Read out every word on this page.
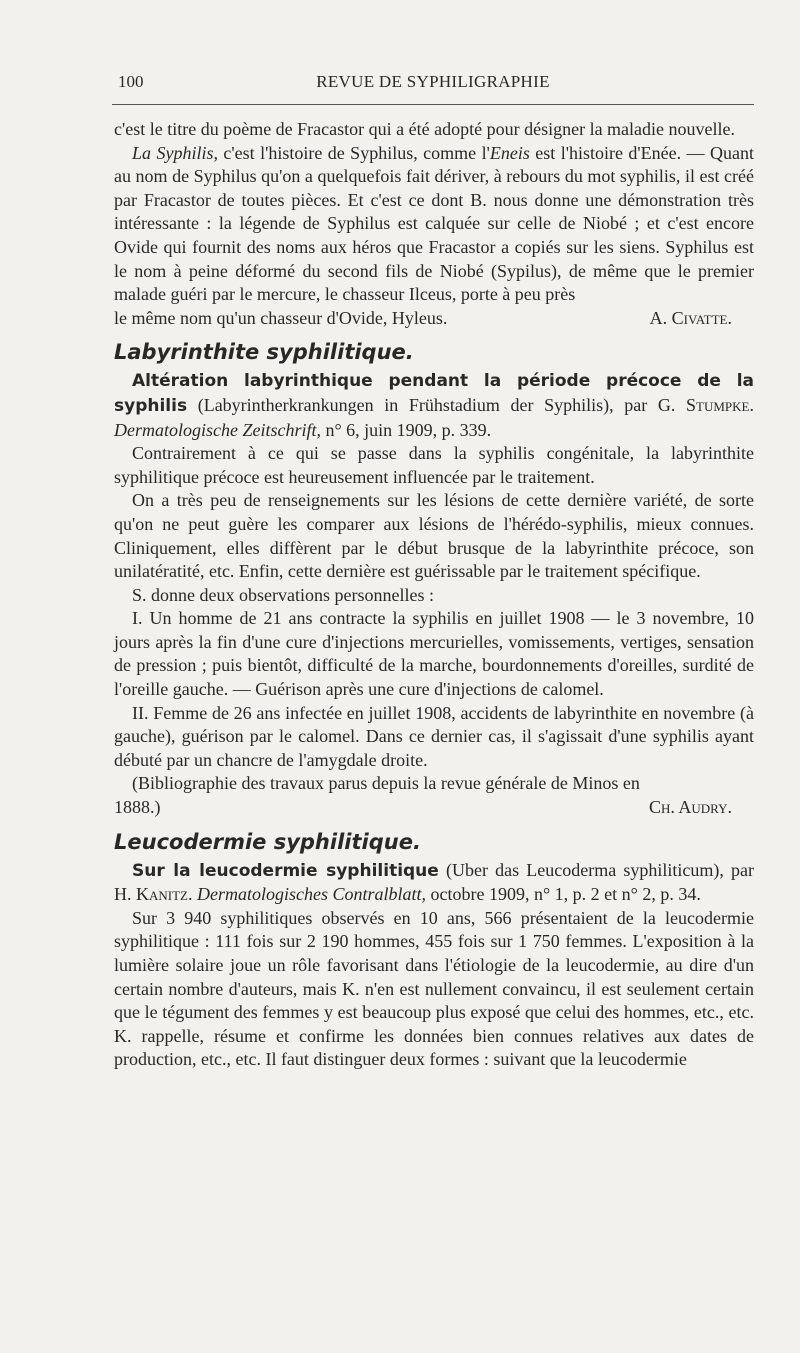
100	REVUE DE SYPHILIGRAPHIE

c'est le titre du poème de Fracastor qui a été adopté pour désigner la maladie nouvelle.

La Syphilis, c'est l'histoire de Syphilus, comme l'Eneis est l'histoire d'Enée. — Quant au nom de Syphilus qu'on a quelquefois fait dériver, à rebours du mot syphilis, il est créé par Fracastor de toutes pièces. Et c'est ce dont B. nous donne une démonstration très intéressante : la légende de Syphilus est calquée sur celle de Niobé ; et c'est encore Ovide qui fournit des noms aux héros que Fracastor a copiés sur les siens. Syphilus est le nom à peine déformé du second fils de Niobé (Sypilus), de même que le premier malade guéri par le mercure, le chasseur Ilceus, porte à peu près

le même nom qu'un chasseur d'Ovide, Hyleus.	A. Civatte.

Labyrinthite syphilitique.

Altération labyrinthique pendant la période précoce de la syphilis (Labyrintherkrankungen in Frühstadium der Syphilis), par G. Stumpke. Dermatologische Zeitschrift, n° 6, juin 1909, p. 339.

Contrairement à ce qui se passe dans la syphilis congénitale, la labyrinthite syphilitique précoce est heureusement influencée par le traitement.

On a très peu de renseignements sur les lésions de cette dernière variété, de sorte qu'on ne peut guère les comparer aux lésions de l'hérédo-syphilis, mieux connues. Cliniquement, elles diffèrent par le début brusque de la labyrinthite précoce, son unilatératité, etc. Enfin, cette dernière est guérissable par le traitement spécifique.

S. donne deux observations personnelles :

I. Un homme de 21 ans contracte la syphilis en juillet 1908 — le 3 novembre, 10 jours après la fin d'une cure d'injections mercurielles, vomissements, vertiges, sensation de pression ; puis bientôt, difficulté de la marche, bourdonnements d'oreilles, surdité de l'oreille gauche. — Guérison après une cure d'injections de calomel.

II. Femme de 26 ans infectée en juillet 1908, accidents de labyrinthite en novembre (à gauche), guérison par le calomel. Dans ce dernier cas, il s'agissait d'une syphilis ayant débuté par un chancre de l'amygdale droite.

(Bibliographie des travaux parus depuis la revue générale de Minos en

1888.)	Ch. Audry.

Leucodermie syphilitique.

Sur la leucodermie syphilitique (Uber das Leucoderma syphiliticum), par H. Kanitz. Dermatologisches Contralblatt, octobre 1909, n° 1, p. 2 et n° 2, p. 34.

Sur 3 940 syphilitiques observés en 10 ans, 566 présentaient de la leucodermie syphilitique : 111 fois sur 2 190 hommes, 455 fois sur 1 750 femmes. L'exposition à la lumière solaire joue un rôle favorisant dans l'étiologie de la leucodermie, au dire d'un certain nombre d'auteurs, mais K. n'en est nullement convaincu, il est seulement certain que le tégument des femmes y est beaucoup plus exposé que celui des hommes, etc., etc. K. rappelle, résume et confirme les données bien connues relatives aux dates de production, etc., etc. Il faut distinguer deux formes : suivant que la leucodermie
